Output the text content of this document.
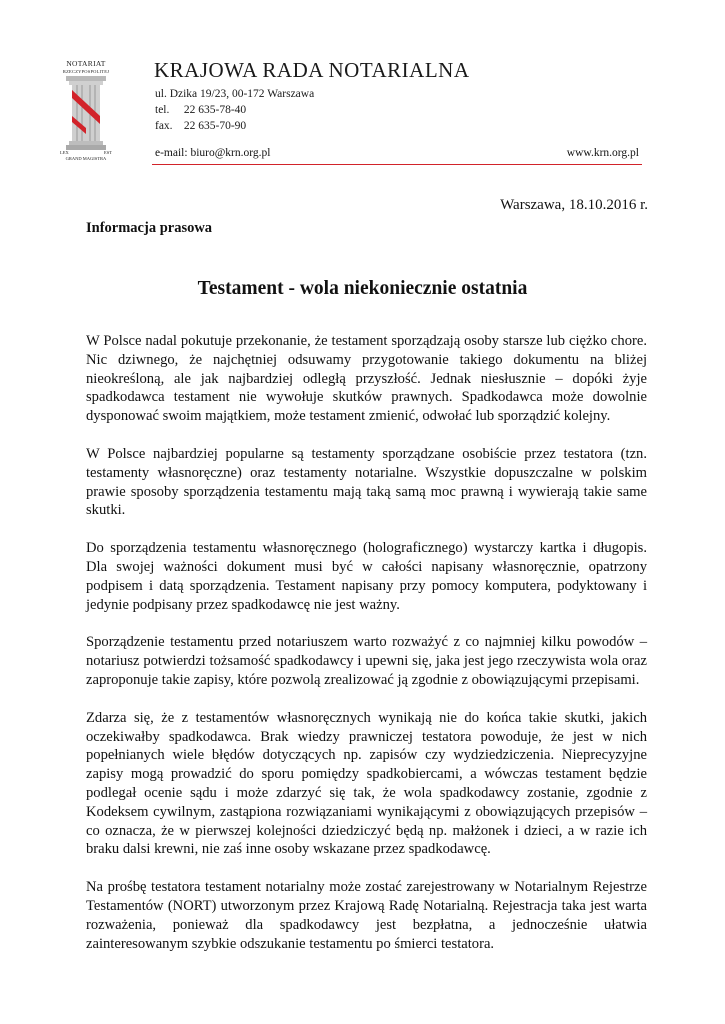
NOTARIAT
RZECZYPOSPOLITEJ
LEX	EST
GRAND MAGISTRA
KRAJOWA RADA NOTARIALNA
ul. Dzika 19/23, 00-172 Warszawa
tel. 22 635-78-40
fax. 22 635-70-90
e-mail: biuro@krn.org.pl	www.krn.org.pl
Warszawa, 18.10.2016 r.
Informacja prasowa
Testament - wola niekoniecznie ostatnia

W Polsce nadal pokutuje przekonanie, że testament sporządzają osoby starsze lub ciężko chore. Nic dziwnego, że najchętniej odsuwamy przygotowanie takiego dokumentu na bliżej nieokreśloną, ale jak najbardziej odległą przyszłość. Jednak niesłusznie – dopóki żyje spadkodawca testament nie wywołuje skutków prawnych. Spadkodawca może dowolnie dysponować swoim majątkiem, może testament zmienić, odwołać lub sporządzić kolejny.

W Polsce najbardziej popularne są testamenty sporządzane osobiście przez testatora (tzn. testamenty własnoręczne) oraz testamenty notarialne. Wszystkie dopuszczalne w polskim prawie sposoby sporządzenia testamentu mają taką samą moc prawną i wywierają takie same skutki.

Do sporządzenia testamentu własnoręcznego (holograficznego) wystarczy kartka i długopis. Dla swojej ważności dokument musi być w całości napisany własnoręcznie, opatrzony podpisem i datą sporządzenia. Testament napisany przy pomocy komputera, podyktowany i jedynie podpisany przez spadkodawcę nie jest ważny.

Sporządzenie testamentu przed notariuszem warto rozważyć z co najmniej kilku powodów – notariusz potwierdzi tożsamość spadkodawcy i upewni się, jaka jest jego rzeczywista wola oraz zaproponuje takie zapisy, które pozwolą zrealizować ją zgodnie z obowiązującymi przepisami.

Zdarza się, że z testamentów własnoręcznych wynikają nie do końca takie skutki, jakich oczekiwałby spadkodawca. Brak wiedzy prawniczej testatora powoduje, że jest w nich popełnianych wiele błędów dotyczących np. zapisów czy wydziedziczenia. Nieprecyzyjne zapisy mogą prowadzić do sporu pomiędzy spadkobiercami, a wówczas testament będzie podlegał ocenie sądu i może zdarzyć się tak, że wola spadkodawcy zostanie, zgodnie z Kodeksem cywilnym, zastąpiona rozwiązaniami wynikającymi z obowiązujących przepisów – co oznacza, że w pierwszej kolejności dziedziczyć będą np. małżonek i dzieci, a w razie ich braku dalsi krewni, nie zaś inne osoby wskazane przez spadkodawcę.

Na prośbę testatora testament notarialny może zostać zarejestrowany w Notarialnym Rejestrze Testamentów (NORT) utworzonym przez Krajową Radę Notarialną. Rejestracja taka jest warta rozważenia, ponieważ dla spadkodawcy jest bezpłatna, a jednocześnie ułatwia zainteresowanym szybkie odszukanie testamentu po śmierci testatora.
